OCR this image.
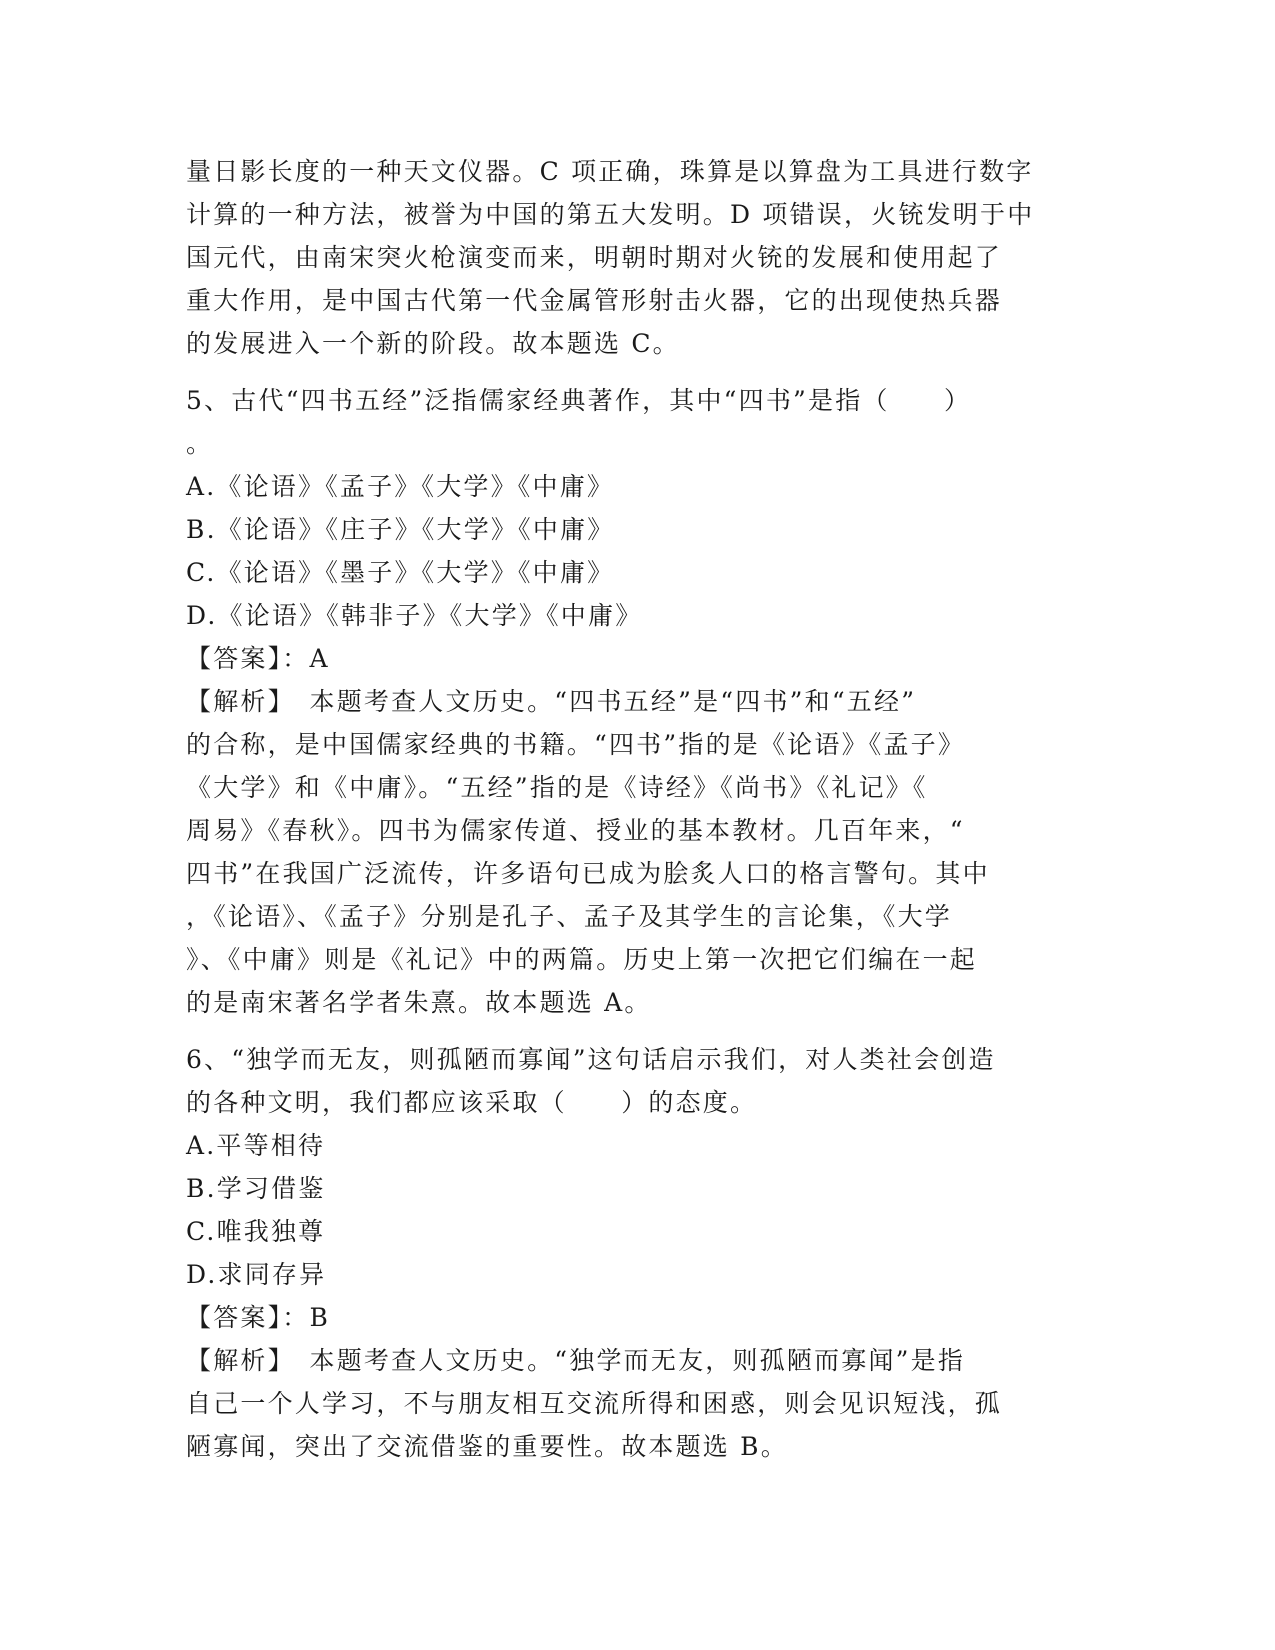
量日影长度的一种天文仪器。C 项正确，珠算是以算盘为工具进行数字

计算的一种方法，被誉为中国的第五大发明。D 项错误，火铳发明于中

国元代，由南宋突火枪演变而来，明朝时期对火铳的发展和使用起了

重大作用，是中国古代第一代金属管形射击火器，它的出现使热兵器

的发展进入一个新的阶段。故本题选 C。

5、古代“四书五经”泛指儒家经典著作，其中“四书”是指（　　）

。

A.《论语》《孟子》《大学》《中庸》

B.《论语》《庄子》《大学》《中庸》

C.《论语》《墨子》《大学》《中庸》

D.《论语》《韩非子》《大学》《中庸》

【答案】：A

【解析】　本题考查人文历史。“四书五经”是“四书”和“五经”

的合称，是中国儒家经典的书籍。“四书”指的是《论语》《孟子》

《大学》和《中庸》。“五经”指的是《诗经》《尚书》《礼记》《

周易》《春秋》。四书为儒家传道、授业的基本教材。几百年来，“

四书”在我国广泛流传，许多语句已成为脍炙人口的格言警句。其中

，《论语》、《孟子》分别是孔子、孟子及其学生的言论集，《大学

》、《中庸》则是《礼记》中的两篇。历史上第一次把它们编在一起

的是南宋著名学者朱熹。故本题选 A。

6、“独学而无友，则孤陋而寡闻”这句话启示我们，对人类社会创造

的各种文明，我们都应该采取（　　）的态度。

A.平等相待

B.学习借鉴

C.唯我独尊

D.求同存异

【答案】：B

【解析】　本题考查人文历史。“独学而无友，则孤陋而寡闻”是指

自己一个人学习，不与朋友相互交流所得和困惑，则会见识短浅，孤

陋寡闻，突出了交流借鉴的重要性。故本题选 B。
